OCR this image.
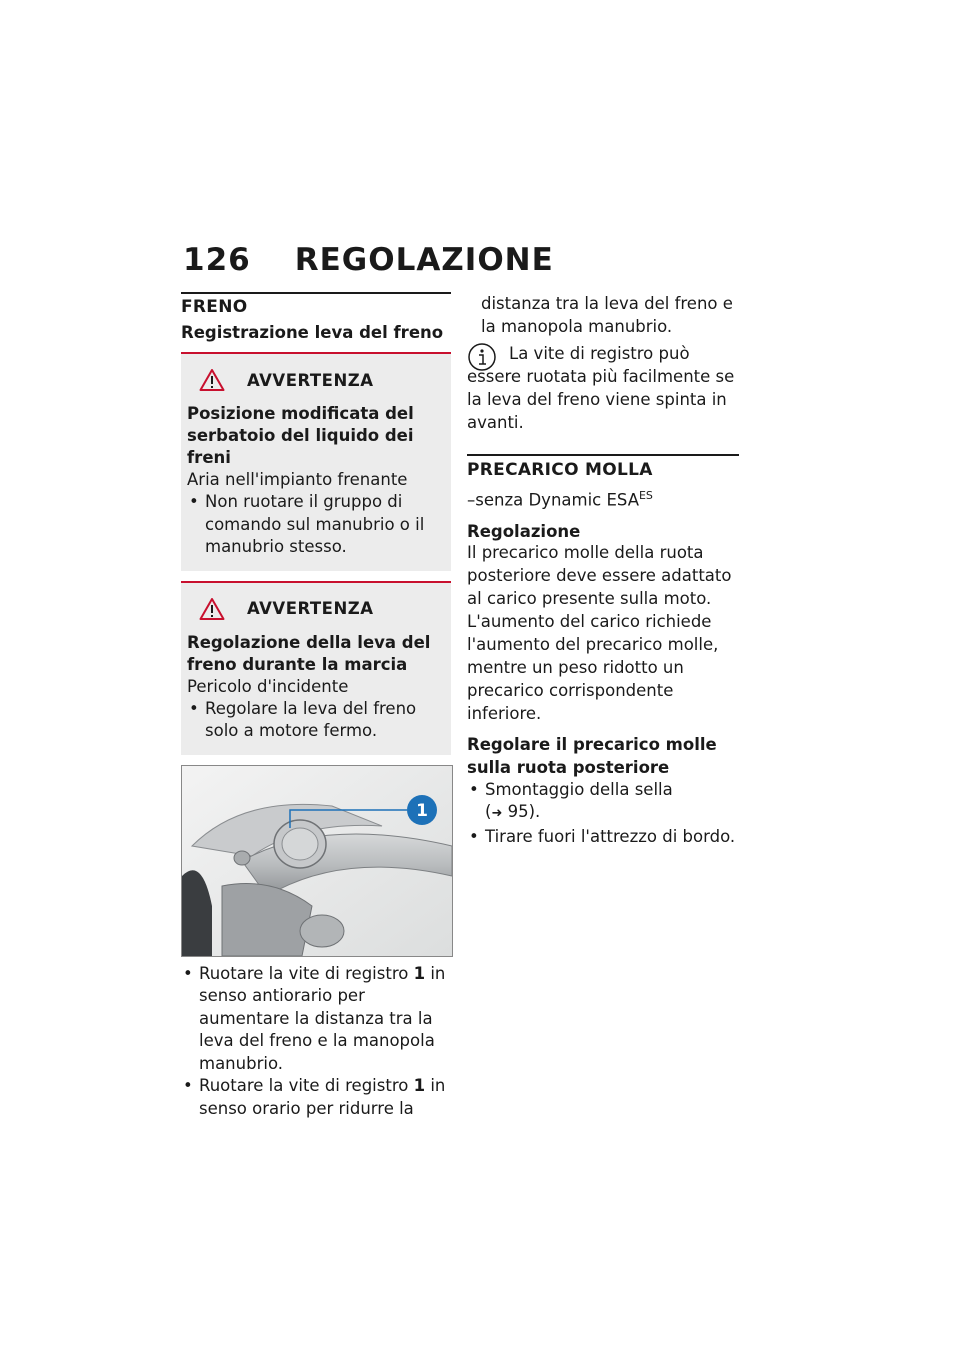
126 REGOLAZIONE
FRENO
Registrazione leva del freno
AVVERTENZA
Posizione modificata del serbatoio del liquido dei freni
Aria nell'impianto frenante
• Non ruotare il gruppo di comando sul manubrio o il manubrio stesso.
AVVERTENZA
Regolazione della leva del freno durante la marcia
Pericolo d'incidente
• Regolare la leva del freno solo a motore fermo.
1
• Ruotare la vite di registro 1 in senso antiorario per aumentare la distanza tra la leva del freno e la manopola manubrio.
• Ruotare la vite di registro 1 in senso orario per ridurre la
distanza tra la leva del freno e la manopola manubrio.
La vite di registro può essere ruotata più facilmente se la leva del freno viene spinta in avanti.
PRECARICO MOLLA
–senza Dynamic $ESA^{ES}$
Regolazione
Il precarico molle della ruota posteriore deve essere adattato al carico presente sulla moto. L'aumento del carico richiede l'aumento del precarico molle, mentre un peso ridotto un precarico corrispondente inferiore.
Regolare il precarico molle sulla ruota posteriore
• Smontaggio della sella
(➜ 95).
• Tirare fuori l'attrezzo di bordo.
